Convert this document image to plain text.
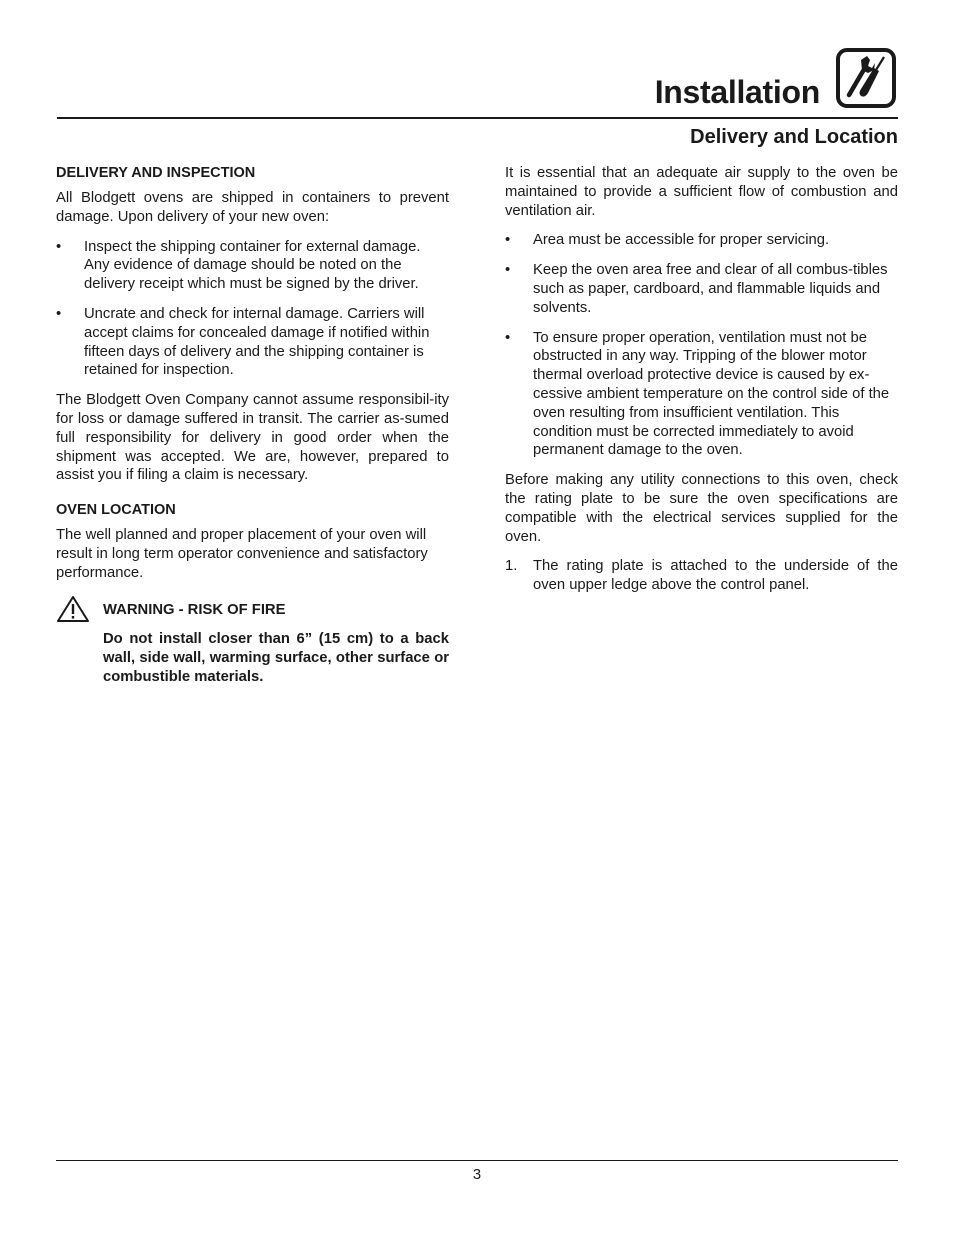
Installation
Delivery and Location
DELIVERY AND INSPECTION

All Blodgett ovens are shipped in containers to prevent damage. Upon delivery of your new oven:

• Inspect the shipping container for external damage. Any evidence of damage should be noted on the delivery receipt which must be signed by the driver.
• Uncrate and check for internal damage. Carriers will accept claims for concealed damage if notified within fifteen days of delivery and the shipping container is retained for inspection.

The Blodgett Oven Company cannot assume responsibil-ity for loss or damage suffered in transit. The carrier as-sumed full responsibility for delivery in good order when the shipment was accepted. We are, however, prepared to assist you if filing a claim is necessary.

OVEN LOCATION

The well planned and proper placement of your oven will result in long term operator convenience and satisfactory performance.

WARNING - RISK OF FIRE

Do not install closer than 6” (15 cm) to a back wall, side wall, warming surface, other surface or combustible materials.

It is essential that an adequate air supply to the oven be maintained to provide a sufficient flow of combustion and ventilation air.

• Area must be accessible for proper servicing.
• Keep the oven area free and clear of all combus-tibles such as paper, cardboard, and flammable liquids and solvents.
• To ensure proper operation, ventilation must not be obstructed in any way. Tripping of the blower motor thermal overload protective device is caused by ex-cessive ambient temperature on the control side of the oven resulting from insufficient ventilation. This condition must be corrected immediately to avoid permanent damage to the oven.

Before making any utility connections to this oven, check the rating plate to be sure the oven specifications are compatible with the electrical services supplied for the oven.

1. The rating plate is attached to the underside of the oven upper ledge above the control panel.
3
